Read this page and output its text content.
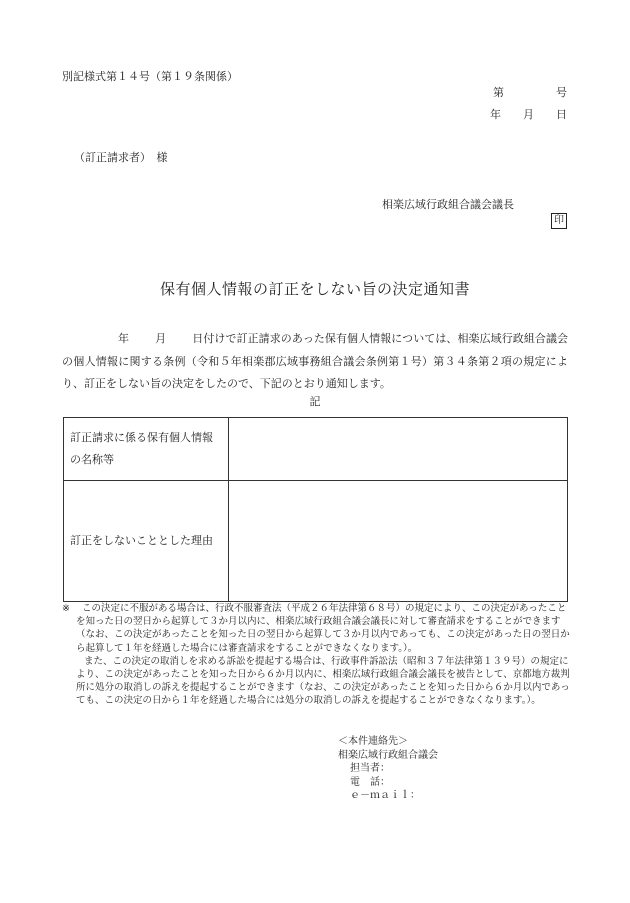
別記様式第１４号（第１９条関係）
第	号
年 月 日
（訂正請求者）　様
相楽広域行政組合議会議長
印
保有個人情報の訂正をしない旨の決定通知書
年 月 日付けで訂正請求のあった保有個人情報については、相楽広域行政組合議会の個人情報に関する条例（令和５年相楽郡広域事務組合議会条例第１号）第３４条第２項の規定により、訂正をしない旨の決定をしたので、下記のとおり通知します。
記
訂正請求に係る保有個人情報の名称等	
訂正をしないこととした理由	
※	この決定に不服がある場合は、行政不服審査法（平成２６年法律第６８号）の規定により、この決定があったことを知った日の翌日から起算して３か月以内に、相楽広域行政組合議会議長に対して審査請求をすることができます（なお、この決定があったことを知った日の翌日から起算して３か月以内であっても、この決定があった日の翌日から起算して１年を経過した場合には審査請求をすることができなくなります。）。

また、この決定の取消しを求める訴訟を提起する場合は、行政事件訴訟法（昭和３７年法律第１３９号）の規定により、この決定があったことを知った日から６か月以内に、相楽広域行政組合議会議長を被告として、京都地方裁判所に処分の取消しの訴えを提起することができます（なお、この決定があったことを知った日から６か月以内であっても、この決定の日から１年を経過した場合には処分の取消しの訴えを提起することができなくなります。）。

＜本件連絡先＞
相楽広域行政組合議会
担当者：
電　話：
ｅ－ｍａｉｌ：
